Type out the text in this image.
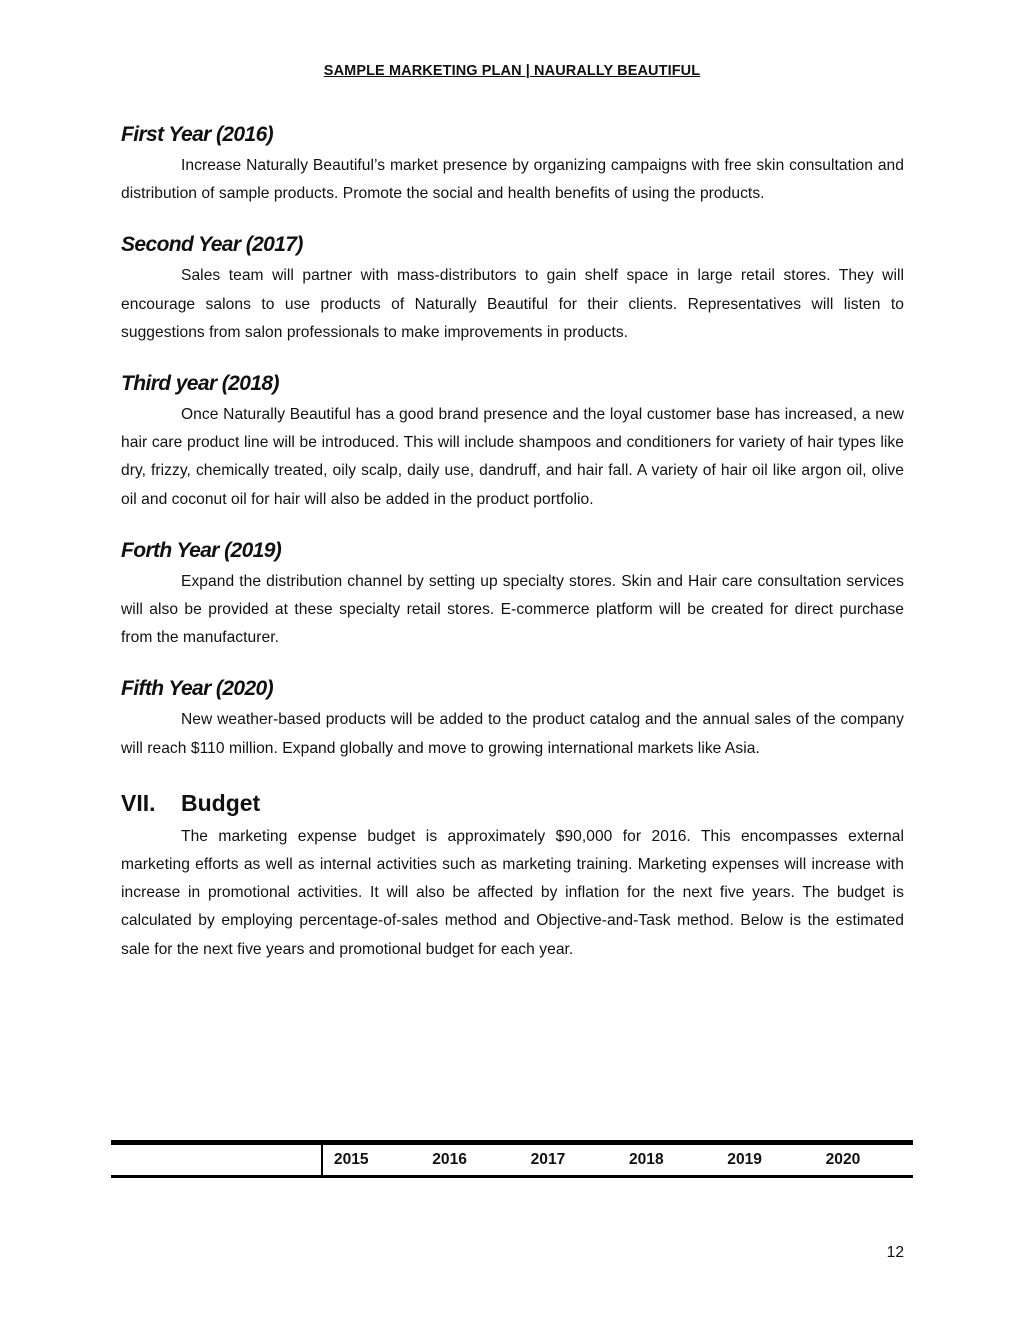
SAMPLE MARKETING PLAN | NAURALLY BEAUTIFUL
First Year (2016)

Increase Naturally Beautiful’s market presence by organizing campaigns with free skin consultation and distribution of sample products. Promote the social and health benefits of using the products.

Second Year (2017)

Sales team will partner with mass-distributors to gain shelf space in large retail stores. They will encourage salons to use products of Naturally Beautiful for their clients. Representatives will listen to suggestions from salon professionals to make improvements in products.

Third year (2018)

Once Naturally Beautiful has a good brand presence and the loyal customer base has increased, a new hair care product line will be introduced. This will include shampoos and conditioners for variety of hair types like dry, frizzy, chemically treated, oily scalp, daily use, dandruff, and hair fall. A variety of hair oil like argon oil, olive oil and coconut oil for hair will also be added in the product portfolio.

Forth Year (2019)

Expand the distribution channel by setting up specialty stores. Skin and Hair care consultation services will also be provided at these specialty retail stores. E-commerce platform will be created for direct purchase from the manufacturer.

Fifth Year (2020)

New weather-based products will be added to the product catalog and the annual sales of the company will reach $110 million. Expand globally and move to growing international markets like Asia.

VII.	Budget

The marketing expense budget is approximately $90,000 for 2016. This encompasses external marketing efforts as well as internal activities such as marketing training. Marketing expenses will increase with increase in promotional activities. It will also be affected by inflation for the next five years. The budget is calculated by employing percentage-of-sales method and Objective-and-Task method. Below is the estimated sale for the next five years and promotional budget for each year.

	2015	2016	2017	2018	2019	2020
12
